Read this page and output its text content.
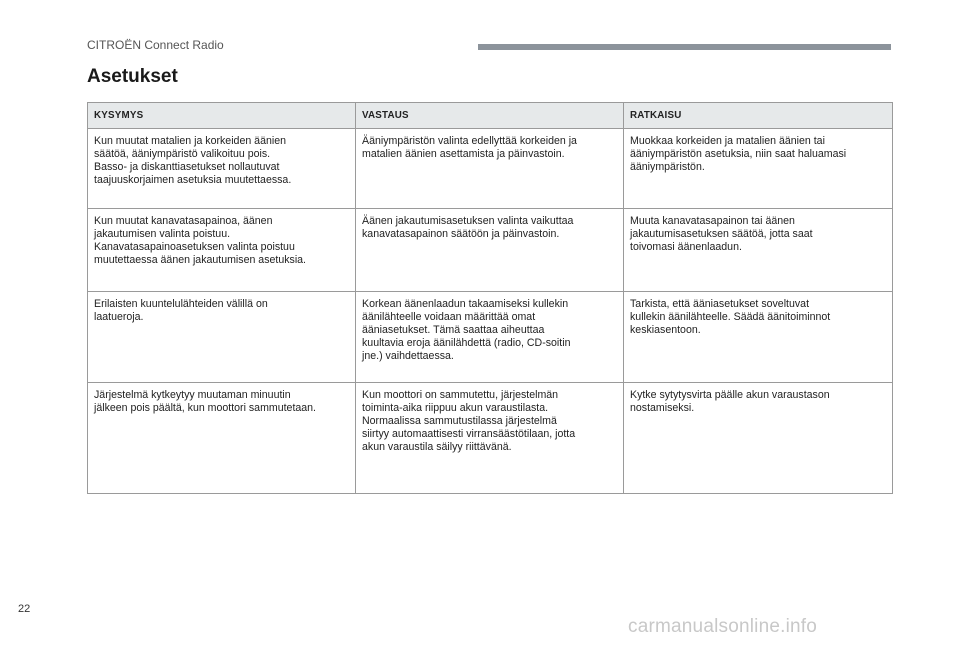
CITROËN Connect Radio
Asetukset
KYSYMYS	VASTAUS	RATKAISU

Kun muutat matalien ja korkeiden äänien
säätöä, ääniympäristö valikoituu pois.
Basso- ja diskanttiasetukset nollautuvat
taajuuskorjaimen asetuksia muutettaessa.	Ääniympäristön valinta edellyttää korkeiden ja
matalien äänien asettamista ja päinvastoin.	Muokkaa korkeiden ja matalien äänien tai
ääniympäristön asetuksia, niin saat haluamasi
ääniympäristön.

Kun muutat kanavatasapainoa, äänen
jakautumisen valinta poistuu.
Kanavatasapainoasetuksen valinta poistuu
muutettaessa äänen jakautumisen asetuksia.	Äänen jakautumisasetuksen valinta vaikuttaa
kanavatasapainon säätöön ja päinvastoin.	Muuta kanavatasapainon tai äänen
jakautumisasetuksen säätöä, jotta saat
toivomasi äänenlaadun.

Erilaisten kuuntelulähteiden välillä on
laatueroja.	Korkean äänenlaadun takaamiseksi kullekin
äänilähteelle voidaan määrittää omat
ääniasetukset. Tämä saattaa aiheuttaa
kuultavia eroja äänilähdettä (radio, CD-soitin
jne.) vaihdettaessa.	Tarkista, että ääniasetukset soveltuvat
kullekin äänilähteelle. Säädä äänitoiminnot
keskiasentoon.

Järjestelmä kytkeytyy muutaman minuutin
jälkeen pois päältä, kun moottori sammutetaan.	Kun moottori on sammutettu, järjestelmän
toiminta-aika riippuu akun varaustilasta.
Normaalissa sammutustilassa järjestelmä
siirtyy automaattisesti virransäästötilaan, jotta
akun varaustila säilyy riittävänä.	Kytke sytytysvirta päälle akun varaustason
nostamiseksi.
22
carmanualsonline.info
